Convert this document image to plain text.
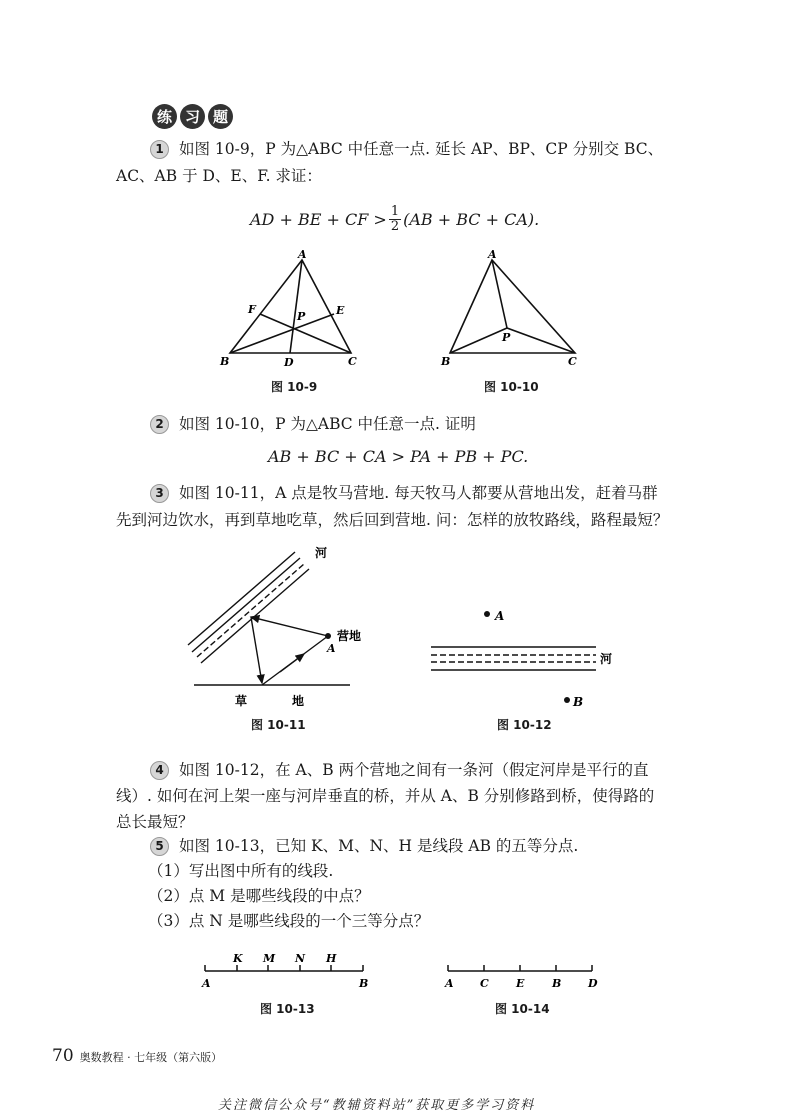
练 习 题
1 如图 10-9，P 为△ABC 中任意一点. 延长 AP、BP、CP 分别交 BC、
AC、AB 于 D、E、F. 求证：
AD + BE + CF > 1
2 (AB + BC + CA).
A
B	C
D
E
F
P
图 10-9
A
B	C
P
图 10-10
2 如图 10-10，P 为△ABC 中任意一点. 证明
AB + BC + CA > PA + PB + PC.
3 如图 10-11，A 点是牧马营地. 每天牧马人都要从营地出发，赶着马群
先到河边饮水，再到草地吃草，然后回到营地. 问：怎样的放牧路线，路程最短？
河
营地
A
草	地
图 10-11
A
B
河
图 10-12
4 如图 10-12，在 A、B 两个营地之间有一条河（假定河岸是平行的直
线）. 如何在河上架一座与河岸垂直的桥，并从 A、B 分别修路到桥，使得路的
总长最短？
5 如图 10-13，已知 K、M、N、H 是线段 AB 的五等分点.
（1）写出图中所有的线段.
（2）点 M 是哪些线段的中点？
（3）点 N 是哪些线段的一个三等分点？
K M N H
A	B
图 10-13
A C E	B D
图 10-14
70 奥数教程 · 七年级（第六版）
关注微信公众号“教辅资料站”获取更多学习资料
